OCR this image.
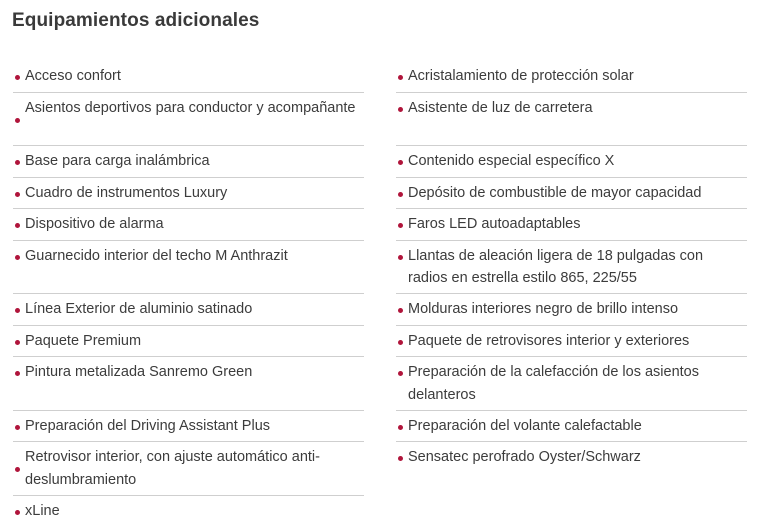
Equipamientos adicionales
Acceso confort
Asientos deportivos para conductor y acompañante
Base para carga inalámbrica
Cuadro de instrumentos Luxury
Dispositivo de alarma
Guarnecido interior del techo M Anthrazit
Línea Exterior de aluminio satinado
Paquete Premium
Pintura metalizada Sanremo Green
Preparación del Driving Assistant Plus
Retrovisor interior, con ajuste automático anti-deslumbramiento
xLine
Acristalamiento de protección solar
Asistente de luz de carretera
Contenido especial específico X
Depósito de combustible de mayor capacidad
Faros LED autoadaptables
Llantas de aleación ligera de 18 pulgadas con radios en estrella estilo 865, 225/55
Molduras interiores negro de brillo intenso
Paquete de retrovisores interior y exteriores
Preparación de la calefacción de los asientos delanteros
Preparación del volante calefactable
Sensatec perofrado Oyster/Schwarz
